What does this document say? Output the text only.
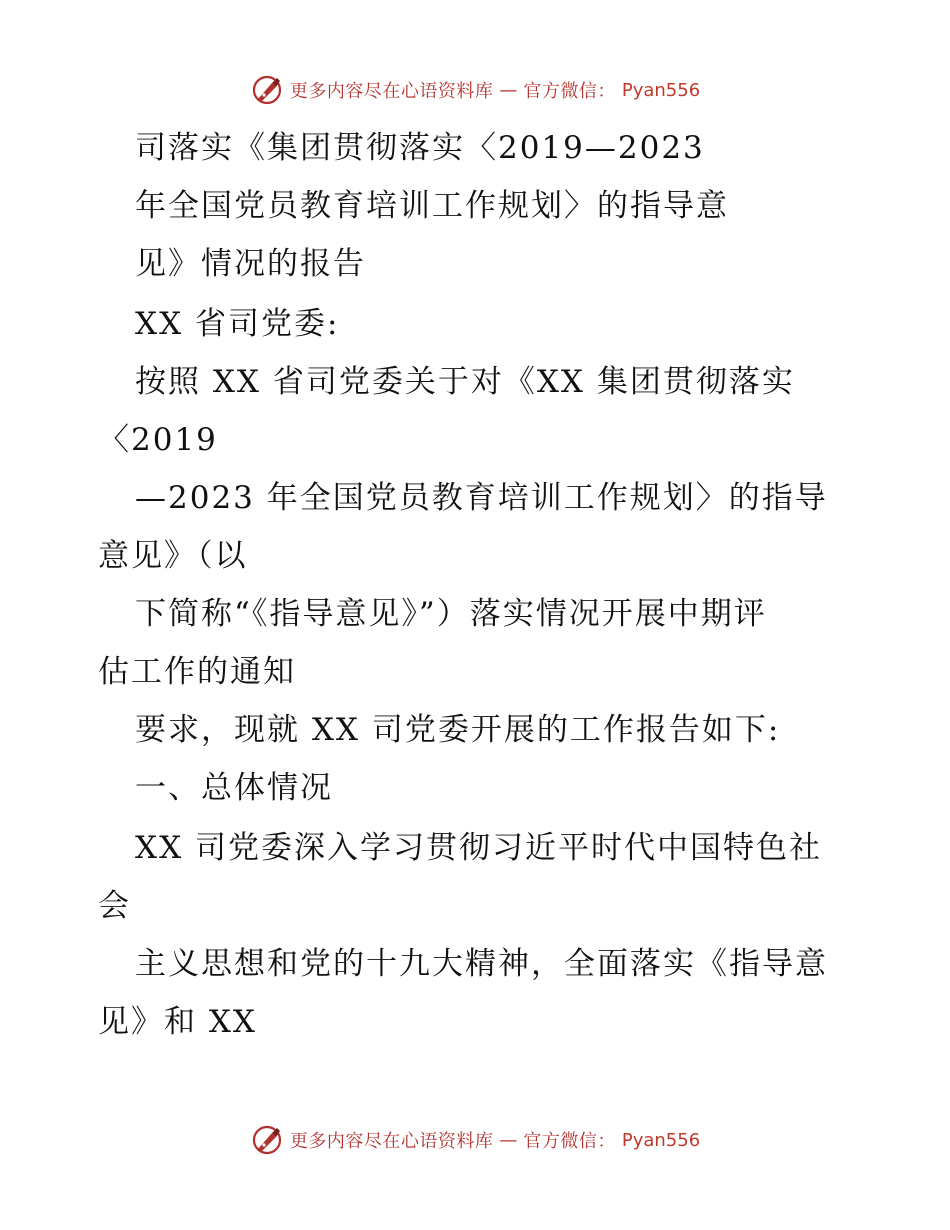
更多内容尽在心语资料库 — 官方微信： Pyan556
司落实《集团贯彻落实〈2019—2023
年全国党员教育培训工作规划〉的指导意
见》情况的报告
XX 省司党委:
按照 XX 省司党委关于对《XX 集团贯彻落实
〈2019
—2023 年全国党员教育培训工作规划〉的指导
意见》（以
下简称“《指导意见》”）落实情况开展中期评
估工作的通知
要求，现就 XX 司党委开展的工作报告如下:
一、总体情况
XX 司党委深入学习贯彻习近平时代中国特色社
会
主义思想和党的十九大精神，全面落实《指导意
见》和 XX
更多内容尽在心语资料库 — 官方微信： Pyan556
